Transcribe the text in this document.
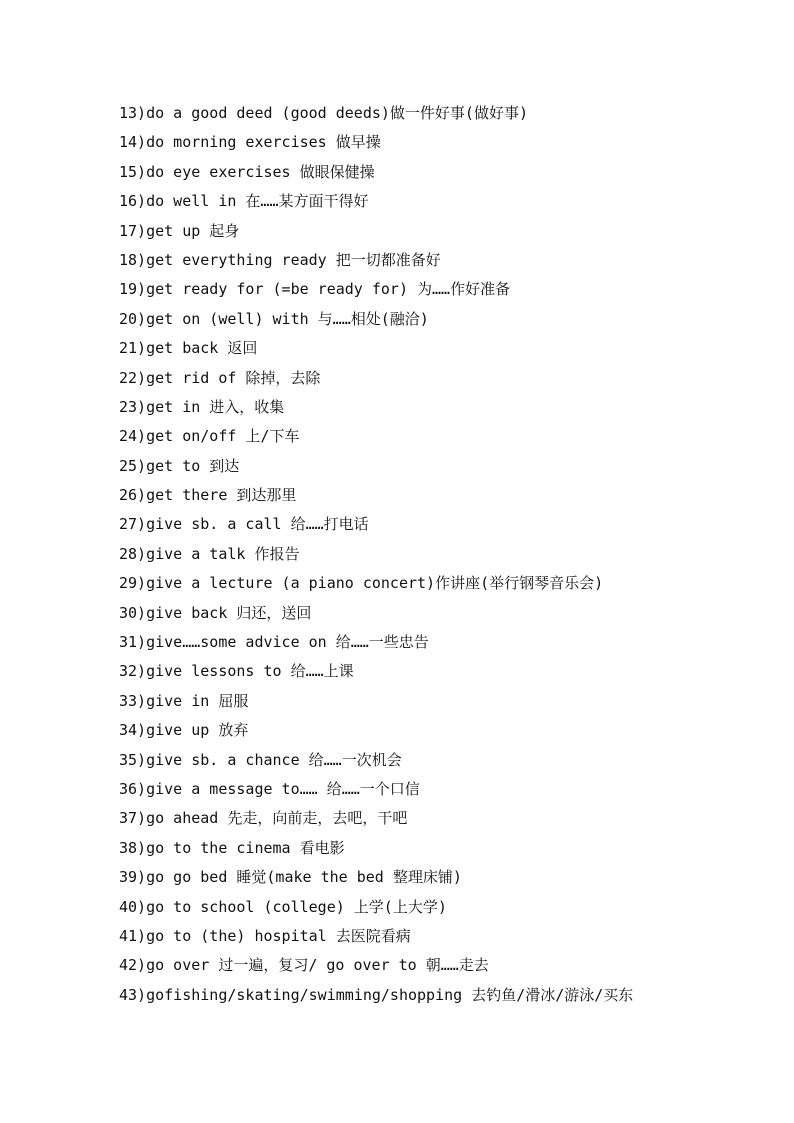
13)do a good deed (good deeds)做一件好事(做好事)
14)do morning exercises 做早操
15)do eye exercises 做眼保健操
16)do well in 在……某方面干得好
17)get up 起身
18)get everything ready 把一切都准备好
19)get ready for (=be ready for) 为……作好准备
20)get on (well) with 与……相处(融洽)
21)get back 返回
22)get rid of 除掉，去除
23)get in 进入，收集
24)get on/off 上/下车
25)get to 到达
26)get there 到达那里
27)give sb. a call 给……打电话
28)give a talk 作报告
29)give a lecture (a piano concert)作讲座(举行钢琴音乐会)
30)give back 归还，送回
31)give……some advice on 给……一些忠告
32)give lessons to 给……上课
33)give in 屈服
34)give up 放弃
35)give sb. a chance 给……一次机会
36)give a message to…… 给……一个口信
37)go ahead 先走，向前走，去吧，干吧
38)go to the cinema 看电影
39)go go bed 睡觉(make the bed 整理床铺)
40)go to school (college) 上学(上大学)
41)go to (the) hospital 去医院看病
42)go over 过一遍，复习/ go over to 朝……走去
43)gofishing/skating/swimming/shopping 去钓鱼/滑冰/游泳/买东
